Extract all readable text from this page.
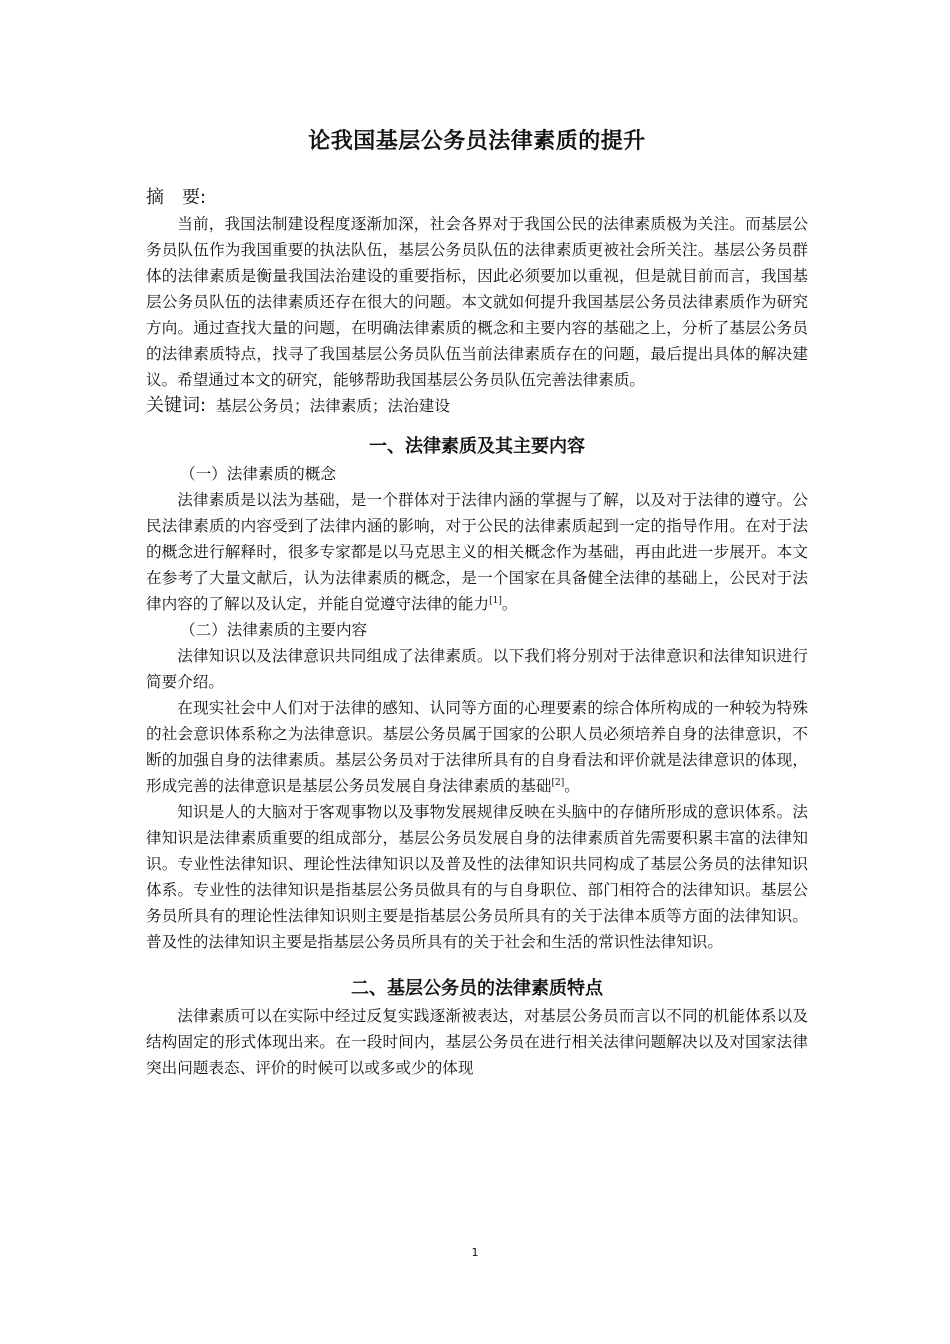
论我国基层公务员法律素质的提升

摘　要:

当前，我国法制建设程度逐渐加深，社会各界对于我国公民的法律素质极为关注。而基层公务员队伍作为我国重要的执法队伍，基层公务员队伍的法律素质更被社会所关注。基层公务员群体的法律素质是衡量我国法治建设的重要指标，因此必须要加以重视，但是就目前而言，我国基层公务员队伍的法律素质还存在很大的问题。本文就如何提升我国基层公务员法律素质作为研究方向。通过查找大量的问题，在明确法律素质的概念和主要内容的基础之上，分析了基层公务员的法律素质特点，找寻了我国基层公务员队伍当前法律素质存在的问题，最后提出具体的解决建议。希望通过本文的研究，能够帮助我国基层公务员队伍完善法律素质。

关键词: 基层公务员；法律素质；法治建设

一、法律素质及其主要内容

（一）法律素质的概念

法律素质是以法为基础，是一个群体对于法律内涵的掌握与了解，以及对于法律的遵守。公民法律素质的内容受到了法律内涵的影响，对于公民的法律素质起到一定的指导作用。在对于法的概念进行解释时，很多专家都是以马克思主义的相关概念作为基础，再由此进一步展开。本文在参考了大量文献后，认为法律素质的概念，是一个国家在具备健全法律的基础上，公民对于法律内容的了解以及认定，并能自觉遵守法律的能力[1]。

（二）法律素质的主要内容

法律知识以及法律意识共同组成了法律素质。以下我们将分别对于法律意识和法律知识进行简要介绍。

在现实社会中人们对于法律的感知、认同等方面的心理要素的综合体所构成的一种较为特殊的社会意识体系称之为法律意识。基层公务员属于国家的公职人员必须培养自身的法律意识，不断的加强自身的法律素质。基层公务员对于法律所具有的自身看法和评价就是法律意识的体现，形成完善的法律意识是基层公务员发展自身法律素质的基础[2]。

知识是人的大脑对于客观事物以及事物发展规律反映在头脑中的存储所形成的意识体系。法律知识是法律素质重要的组成部分，基层公务员发展自身的法律素质首先需要积累丰富的法律知识。专业性法律知识、理论性法律知识以及普及性的法律知识共同构成了基层公务员的法律知识体系。专业性的法律知识是指基层公务员做具有的与自身职位、部门相符合的法律知识。基层公务员所具有的理论性法律知识则主要是指基层公务员所具有的关于法律本质等方面的法律知识。普及性的法律知识主要是指基层公务员所具有的关于社会和生活的常识性法律知识。

二、基层公务员的法律素质特点

法律素质可以在实际中经过反复实践逐渐被表达，对基层公务员而言以不同的机能体系以及结构固定的形式体现出来。在一段时间内，基层公务员在进行相关法律问题解决以及对国家法律突出问题表态、评价的时候可以或多或少的体现

1
